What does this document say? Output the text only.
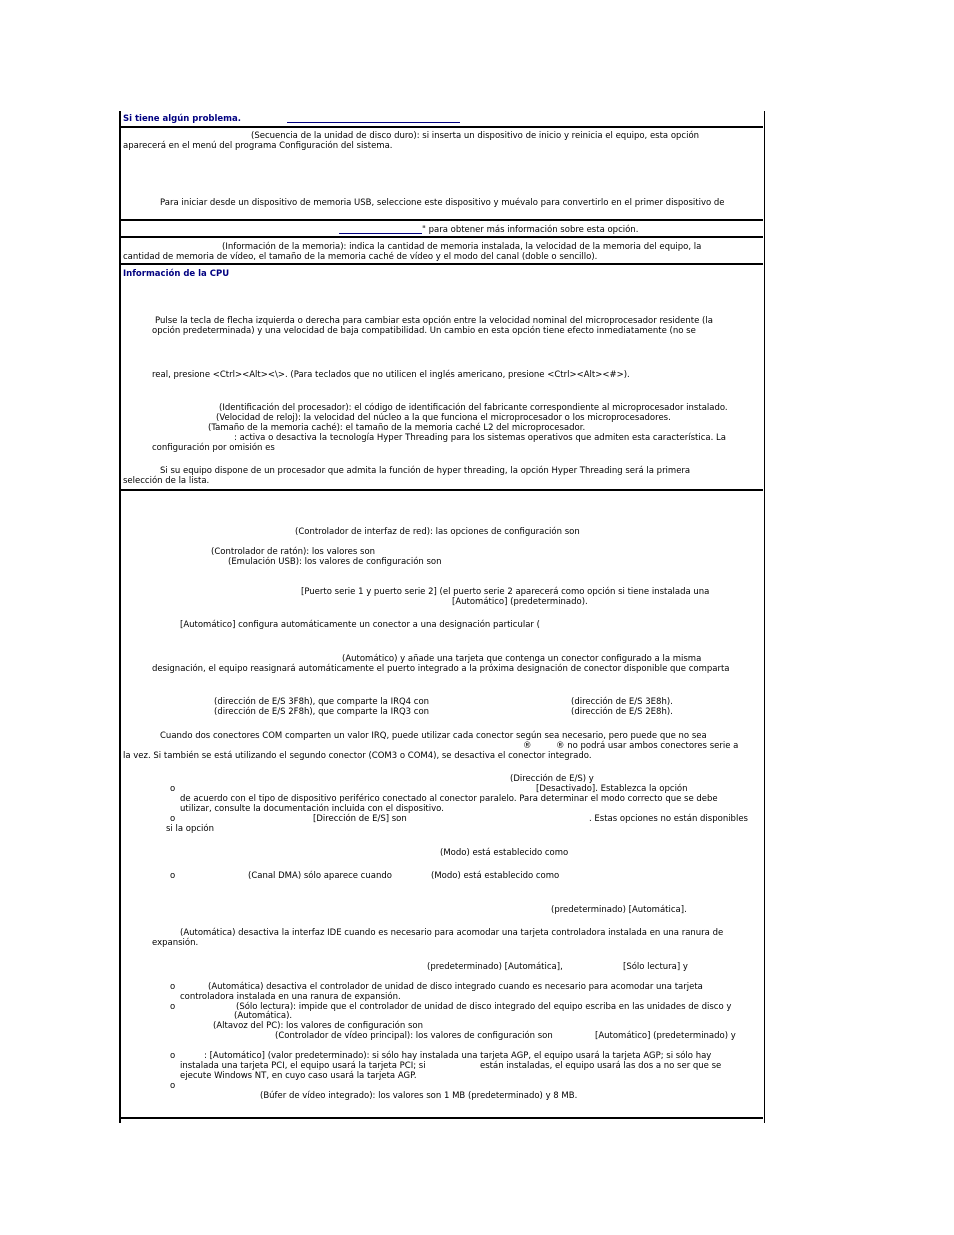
Si tiene algún problema.
(Secuencia de la unidad de disco duro): si inserta un dispositivo de inicio y reinicia el equipo, esta opción
aparecerá en el menú del programa Configuración del sistema.
Para iniciar desde un dispositivo de memoria USB, seleccione este dispositivo y muévalo para convertirlo en el primer dispositivo de
" para obtener más información sobre esta opción.
(Información de la memoria): indica la cantidad de memoria instalada, la velocidad de la memoria del equipo, la
cantidad de memoria de vídeo, el tamaño de la memoria caché de vídeo y el modo del canal (doble o sencillo).
Información de la CPU
Pulse la tecla de flecha izquierda o derecha para cambiar esta opción entre la velocidad nominal del microprocesador residente (la
opción predeterminada) y una velocidad de baja compatibilidad. Un cambio en esta opción tiene efecto inmediatamente (no se
real, presione <Ctrl><Alt><\>. (Para teclados que no utilicen el inglés americano, presione <Ctrl><Alt><#>).
(Identificación del procesador): el código de identificación del fabricante correspondiente al microprocesador instalado.
(Velocidad de reloj): la velocidad del núcleo a la que funciona el microprocesador o los microprocesadores.
(Tamaño de la memoria caché): el tamaño de la memoria caché L2 del microprocesador.
: activa o desactiva la tecnología Hyper Threading para los sistemas operativos que admiten esta característica. La
configuración por omisión es
Si su equipo dispone de un procesador que admita la función de hyper threading, la opción Hyper Threading será la primera
selección de la lista.
(Controlador de interfaz de red): las opciones de configuración son
(Controlador de ratón): los valores son
(Emulación USB): los valores de configuración son
[Puerto serie 1 y puerto serie 2] (el puerto serie 2 aparecerá como opción si tiene instalada una
[Automático] (predeterminado).
[Automático] configura automáticamente un conector a una designación particular (
(Automático) y añade una tarjeta que contenga un conector configurado a la misma
designación, el equipo reasignará automáticamente el puerto integrado a la próxima designación de conector disponible que comparta
(dirección de E/S 3F8h), que comparte la IRQ4 con	(dirección de E/S 3E8h).
(dirección de E/S 2F8h), que comparte la IRQ3 con	(dirección de E/S 2E8h).
Cuando dos conectores COM comparten un valor IRQ, puede utilizar cada conector según sea necesario, pero puede que no sea
®	® no podrá usar ambos conectores serie a
la vez. Si también se está utilizando el segundo conector (COM3 o COM4), se desactiva el conector integrado.
(Dirección de E/S) y
o	[Desactivado]. Establezca la opción
de acuerdo con el tipo de dispositivo periférico conectado al conector paralelo. Para determinar el modo correcto que se debe
utilizar, consulte la documentación incluida con el dispositivo.
o	[Dirección de E/S] son	. Estas opciones no están disponibles
si la opción
(Modo) está establecido como
o	(Canal DMA) sólo aparece cuando	(Modo) está establecido como
(predeterminado) [Automática].
(Automática) desactiva la interfaz IDE cuando es necesario para acomodar una tarjeta controladora instalada en una ranura de
expansión.
(predeterminado) [Automática],	[Sólo lectura] y
o	(Automática) desactiva el controlador de unidad de disco integrado cuando es necesario para acomodar una tarjeta
controladora instalada en una ranura de expansión.
o	(Sólo lectura): impide que el controlador de unidad de disco integrado del equipo escriba en las unidades de disco y
(Automática).
(Altavoz del PC): los valores de configuración son
(Controlador de vídeo principal): los valores de configuración son	[Automático] (predeterminado) y
o	: [Automático] (valor predeterminado): si sólo hay instalada una tarjeta AGP, el equipo usará la tarjeta AGP; si sólo hay
instalada una tarjeta PCI, el equipo usará la tarjeta PCI; si	están instaladas, el equipo usará las dos a no ser que se
ejecute Windows NT, en cuyo caso usará la tarjeta AGP.
o
(Búfer de vídeo integrado): los valores son 1 MB (predeterminado) y 8 MB.
